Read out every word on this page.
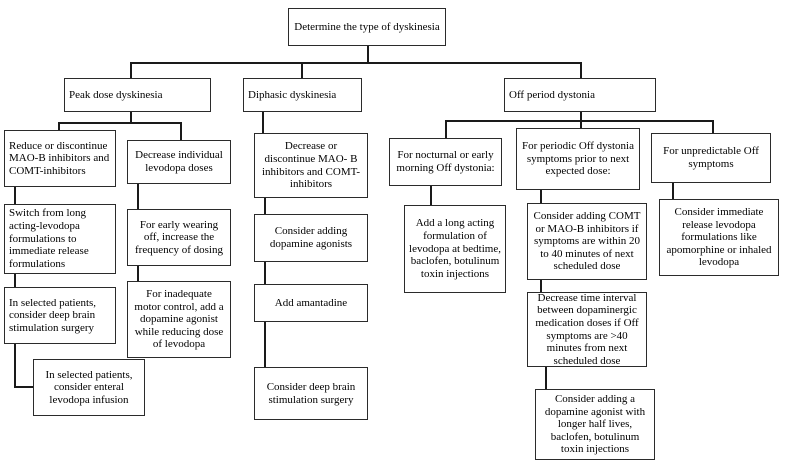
Determine the type of dyskinesia
Peak dose dyskinesia	Diphasic dyskinesia	Off period dystonia
Reduce or discontinue MAO-B inhibitors and COMT-inhibitors
Switch from long acting-levodopa formulations to immediate release formulations
In selected patients, consider deep brain stimulation surgery
In selected patients, consider enteral levodopa infusion
Decrease individual levodopa doses
For early wearing off, increase the frequency of dosing
For inadequate motor control, add a dopamine agonist while reducing dose of levodopa
Decrease or discontinue MAO- B inhibitors and COMT-inhibitors
Consider adding dopamine agonists
Add amantadine
Consider deep brain stimulation surgery
For nocturnal or early morning Off dystonia:
Add a long acting formulation of levodopa at bedtime, baclofen, botulinum toxin injections
For periodic Off dystonia symptoms prior to next expected dose:
Consider adding COMT or MAO-B inhibitors if symptoms are within 20 to 40 minutes of next scheduled dose
Decrease time interval between dopaminergic medication doses if Off symptoms are >40 minutes from next scheduled dose
Consider adding a dopamine agonist with longer half lives, baclofen, botulinum toxin injections
For unpredictable Off symptoms
Consider immediate release levodopa formulations like apomorphine or inhaled levodopa
